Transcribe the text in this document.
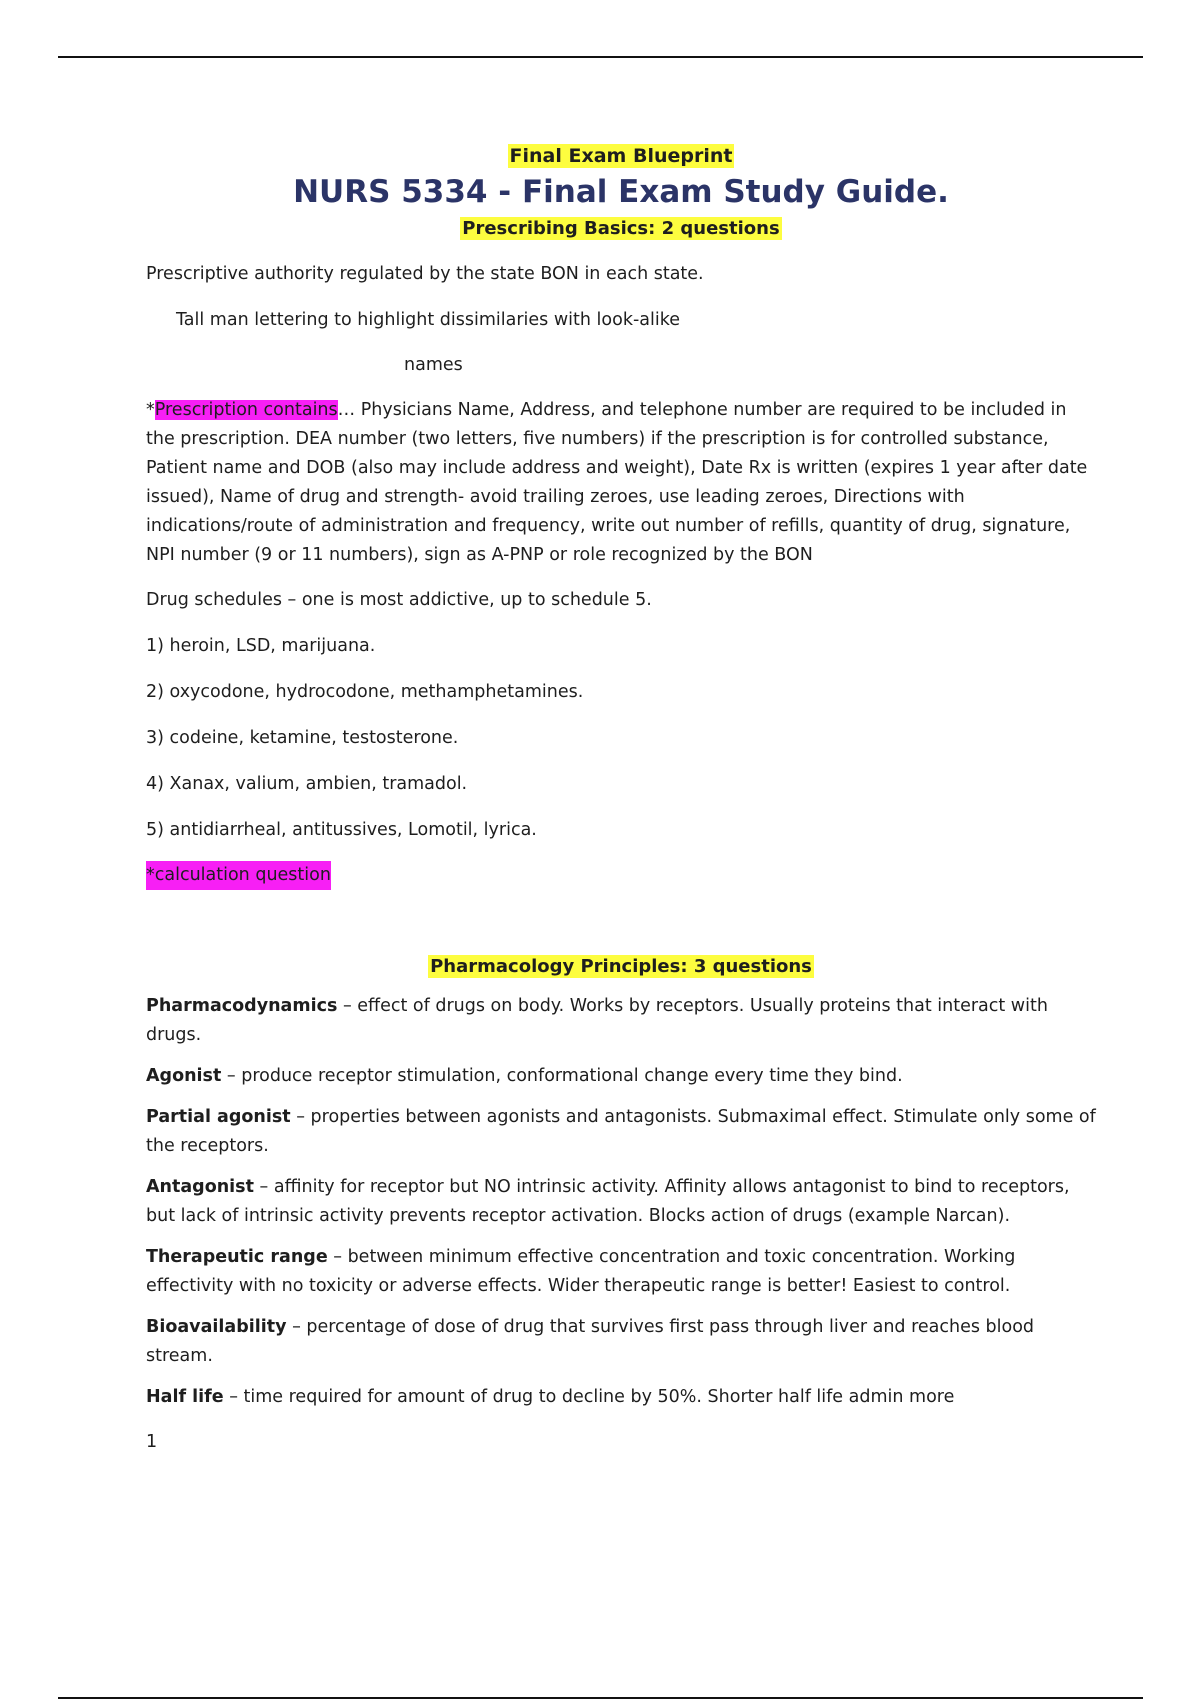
Final Exam Blueprint
NURS 5334 - Final Exam Study Guide.
Prescribing Basics: 2 questions

Prescriptive authority regulated by the state BON in each state.

Tall man lettering to highlight dissimilaries with look-alike

names

*Prescription contains… Physicians Name, Address, and telephone number are required to be included in the prescription. DEA number (two letters, five numbers) if the prescription is for controlled substance, Patient name and DOB (also may include address and weight), Date Rx is written (expires 1 year after date issued), Name of drug and strength- avoid trailing zeroes, use leading zeroes, Directions with indications/route of administration and frequency, write out number of refills, quantity of drug, signature, NPI number (9 or 11 numbers), sign as A-PNP or role recognized by the BON

Drug schedules – one is most addictive, up to schedule 5.

1) heroin, LSD, marijuana.

2) oxycodone, hydrocodone, methamphetamines.

3) codeine, ketamine, testosterone.

4) Xanax, valium, ambien, tramadol.

5) antidiarrheal, antitussives, Lomotil, lyrica.

*calculation question

Pharmacology Principles: 3 questions

Pharmacodynamics – effect of drugs on body. Works by receptors. Usually proteins that interact with drugs.

Agonist – produce receptor stimulation, conformational change every time they bind.

Partial agonist – properties between agonists and antagonists. Submaximal effect. Stimulate only some of the receptors.

Antagonist – affinity for receptor but NO intrinsic activity. Affinity allows antagonist to bind to receptors, but lack of intrinsic activity prevents receptor activation. Blocks action of drugs (example Narcan).

Therapeutic range – between minimum effective concentration and toxic concentration. Working effectivity with no toxicity or adverse effects. Wider therapeutic range is better! Easiest to control.

Bioavailability – percentage of dose of drug that survives first pass through liver and reaches blood stream.

Half life – time required for amount of drug to decline by 50%. Shorter half life admin more

1
